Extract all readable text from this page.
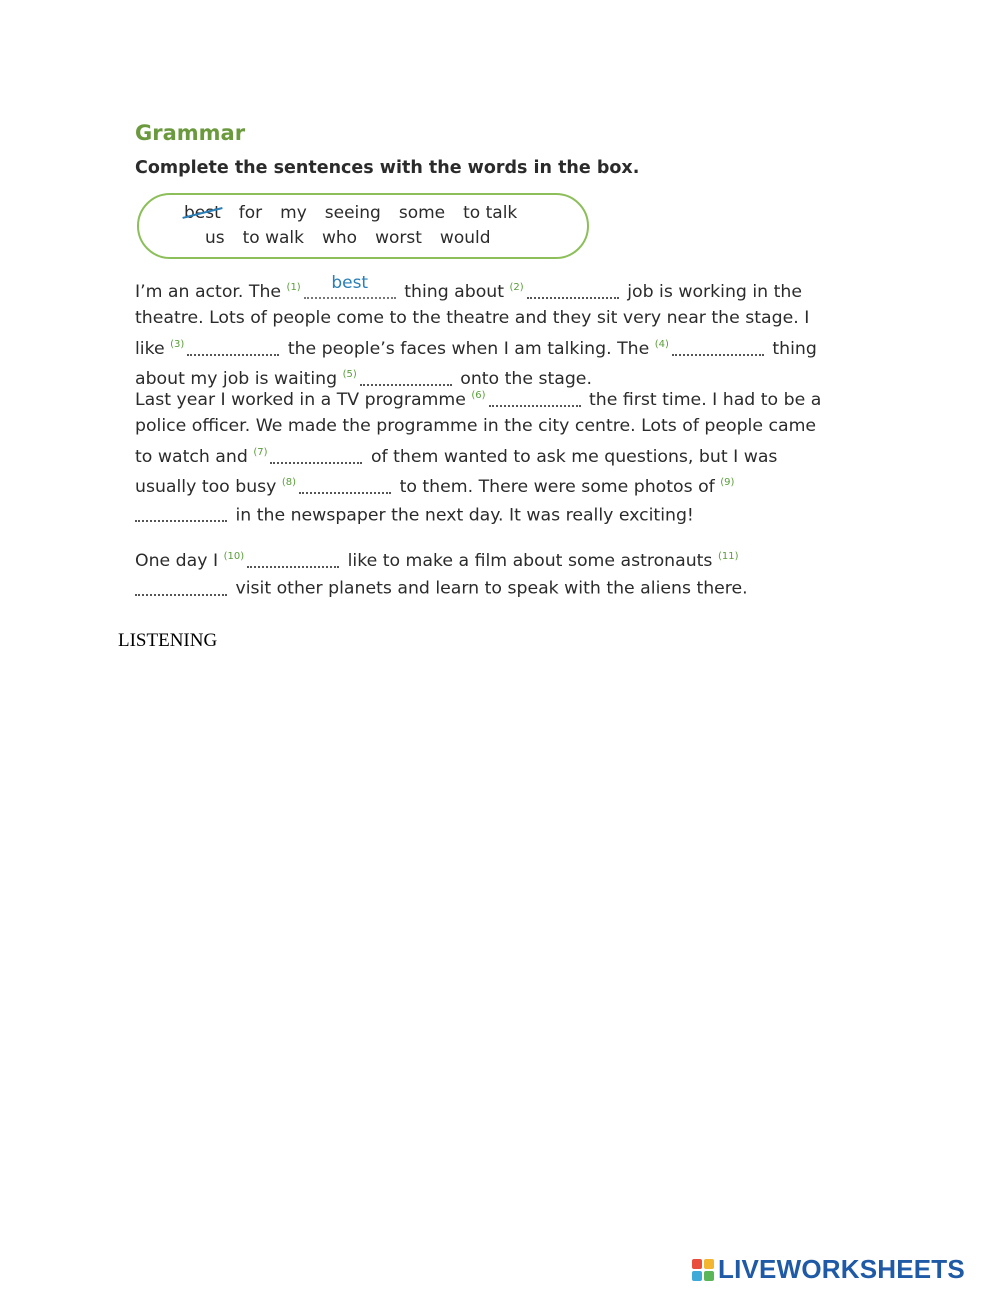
Grammar
Complete the sentences with the words in the box.
best for my seeing some to talk
us to walk who worst would
I’m an actor. The $^{(1)}$	best	thing about $^{(2)}$	job is working in the theatre. Lots of people come to the theatre and they sit very near the stage. I like $^{(3)}$	the people’s faces when I am talking. The $^{(4)}$	thing about my job is waiting $^{(5)}$	onto the stage.
Last year I worked in a TV programme $^{(6)}$	the first time. I had to be a police officer. We made the programme in the city centre. Lots of people came to watch and $^{(7)}$	of them wanted to ask me questions, but I was usually too busy $^{(8)}$	to them. There were some photos of $^{(9)}$ in the newspaper the next day. It was really exciting!
One day I $^{(10)}$	like to make a film about some astronauts $^{(11)}$ visit other planets and learn to speak with the aliens there.
LISTENING
LIVEWORKSHEETS
